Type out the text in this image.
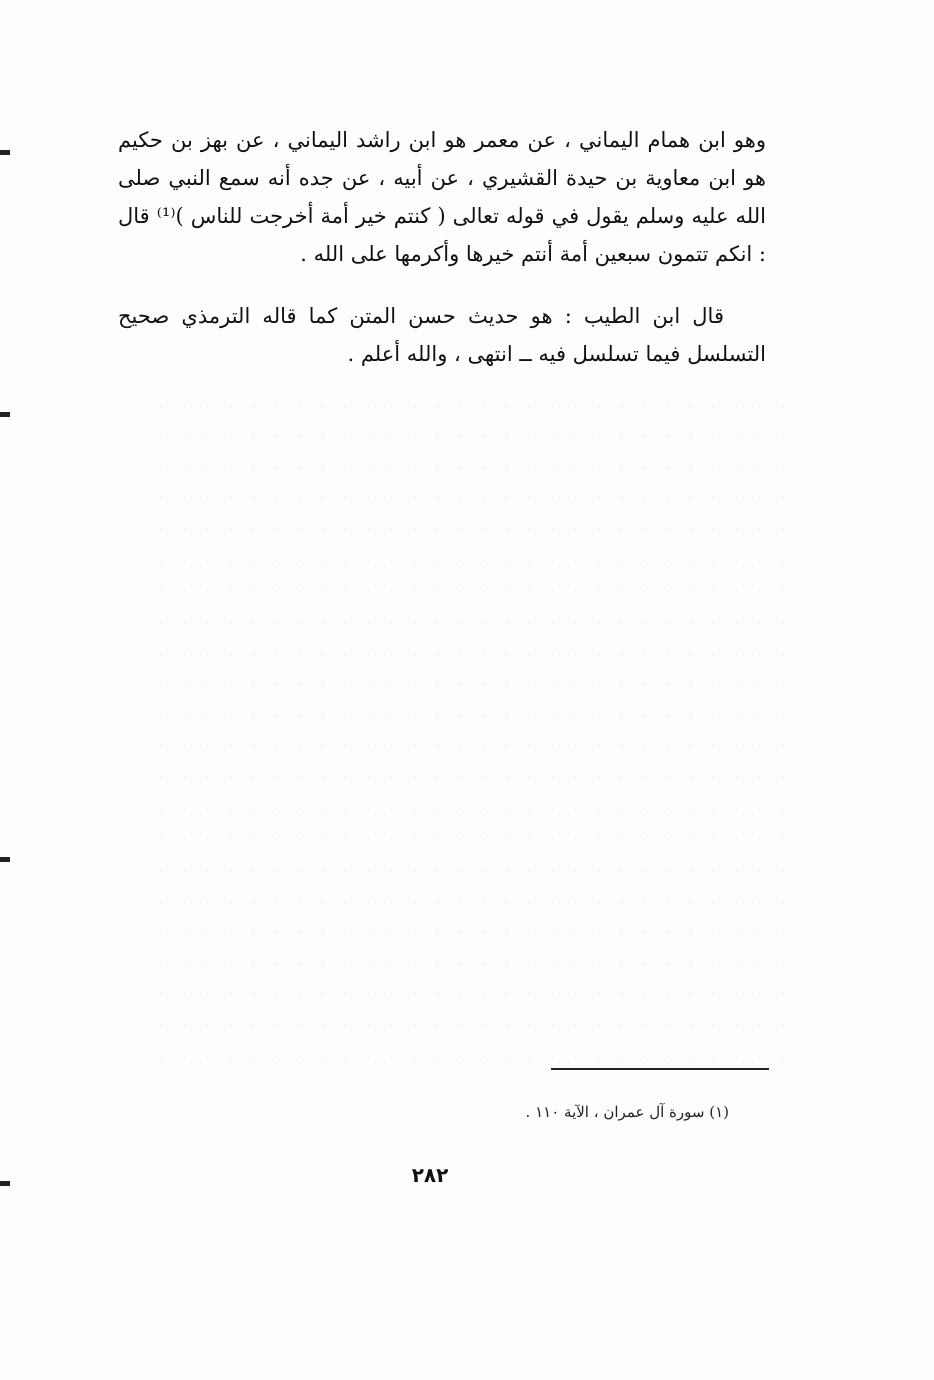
وهو ابن همام اليماني ، عن معمر هو ابن راشد اليماني ، عن بهز بن حكيم هو ابن معاوية بن حيدة القشيري ، عن أبيه ، عن جده أنه سمع النبي صلى الله عليه وسلم يقول في قوله تعالى ( كنتم خير أمة أخرجت للناس )⁽¹⁾ قال : انكم تتمون سبعين أمة أنتم خيرها وأكرمها على الله .

قال ابن الطيب : هو حديث حسن المتن كما قاله الترمذي صحيح التسلسل فيما تسلسل فيه ــ انتهى ، والله أعلم .

(١) سورة آل عمران ، الآية ١١٠ .
٢٨٢
